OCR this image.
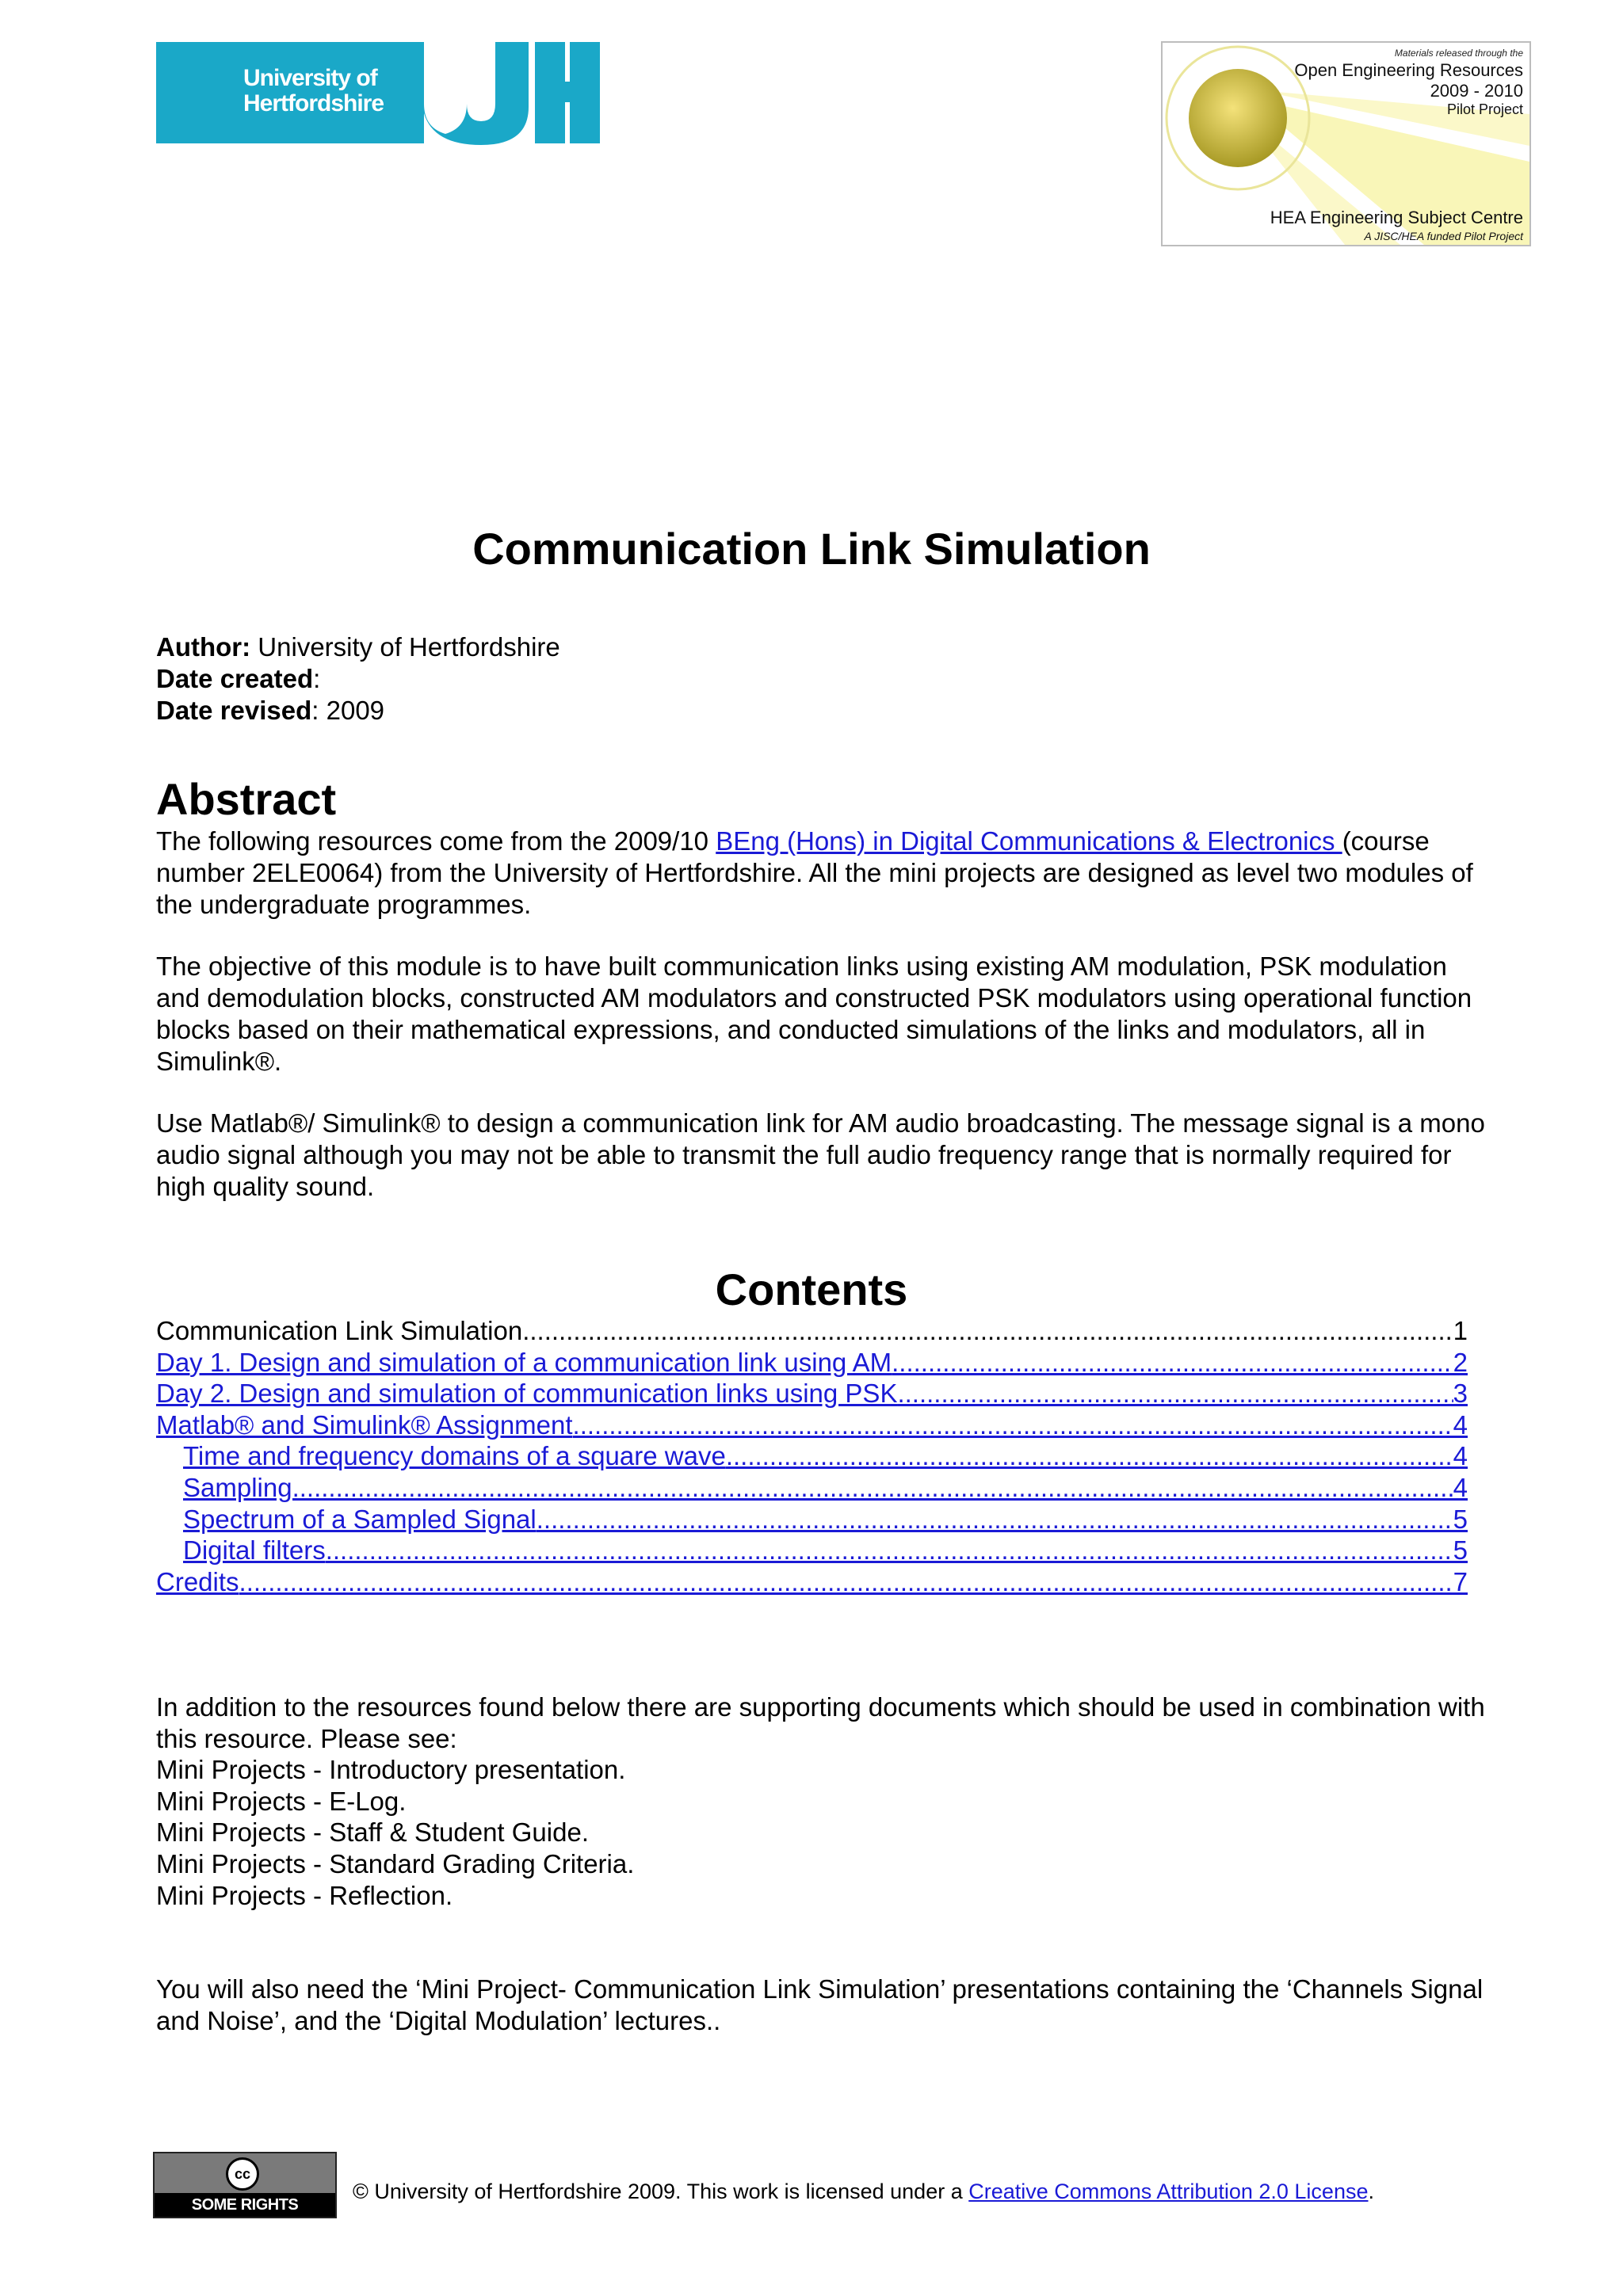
University of
Hertfordshire
Materials released through the
Open Engineering Resources
2009 - 2010
Pilot Project
HEA Engineering Subject Centre
A JISC/HEA funded Pilot Project
Communication Link Simulation
Author: University of Hertfordshire
Date created:
Date revised: 2009
Abstract
The following resources come from the 2009/10 BEng (Hons) in Digital Communications & Electronics (course number 2ELE0064) from the University of Hertfordshire. All the mini projects are designed as level two modules of the undergraduate programmes.
The objective of this module is to have built communication links using existing AM modulation, PSK modulation and demodulation blocks, constructed AM modulators and constructed PSK modulators using operational function blocks based on their mathematical expressions, and conducted simulations of the links and modulators, all in Simulink®.
Use Matlab®/ Simulink® to design a communication link for AM audio broadcasting. The message signal is a mono audio signal although you may not be able to transmit the full audio frequency range that is normally required for high quality sound.
Contents
Communication Link Simulation .....	1
Day 1. Design and simulation of a communication link using AM .....	2
Day 2. Design and simulation of communication links using PSK .....	3
Matlab® and Simulink® Assignment .....	4
Time and frequency domains of a square wave .....	4
Sampling .....	4
Spectrum of a Sampled Signal .....	5
Digital filters .....	5
Credits .....	7
In addition to the resources found below there are supporting documents which should be used in combination with this resource. Please see:
Mini Projects - Introductory presentation.
Mini Projects - E-Log.
Mini Projects - Staff & Student Guide.
Mini Projects - Standard Grading Criteria.
Mini Projects - Reflection.
You will also need the ‘Mini Project- Communication Link Simulation’ presentations containing the ‘Channels Signal and Noise’, and the ‘Digital Modulation’ lectures..
cc
SOME RIGHTS RESERVED
© University of Hertfordshire 2009. This work is licensed under a Creative Commons Attribution 2.0 License.
